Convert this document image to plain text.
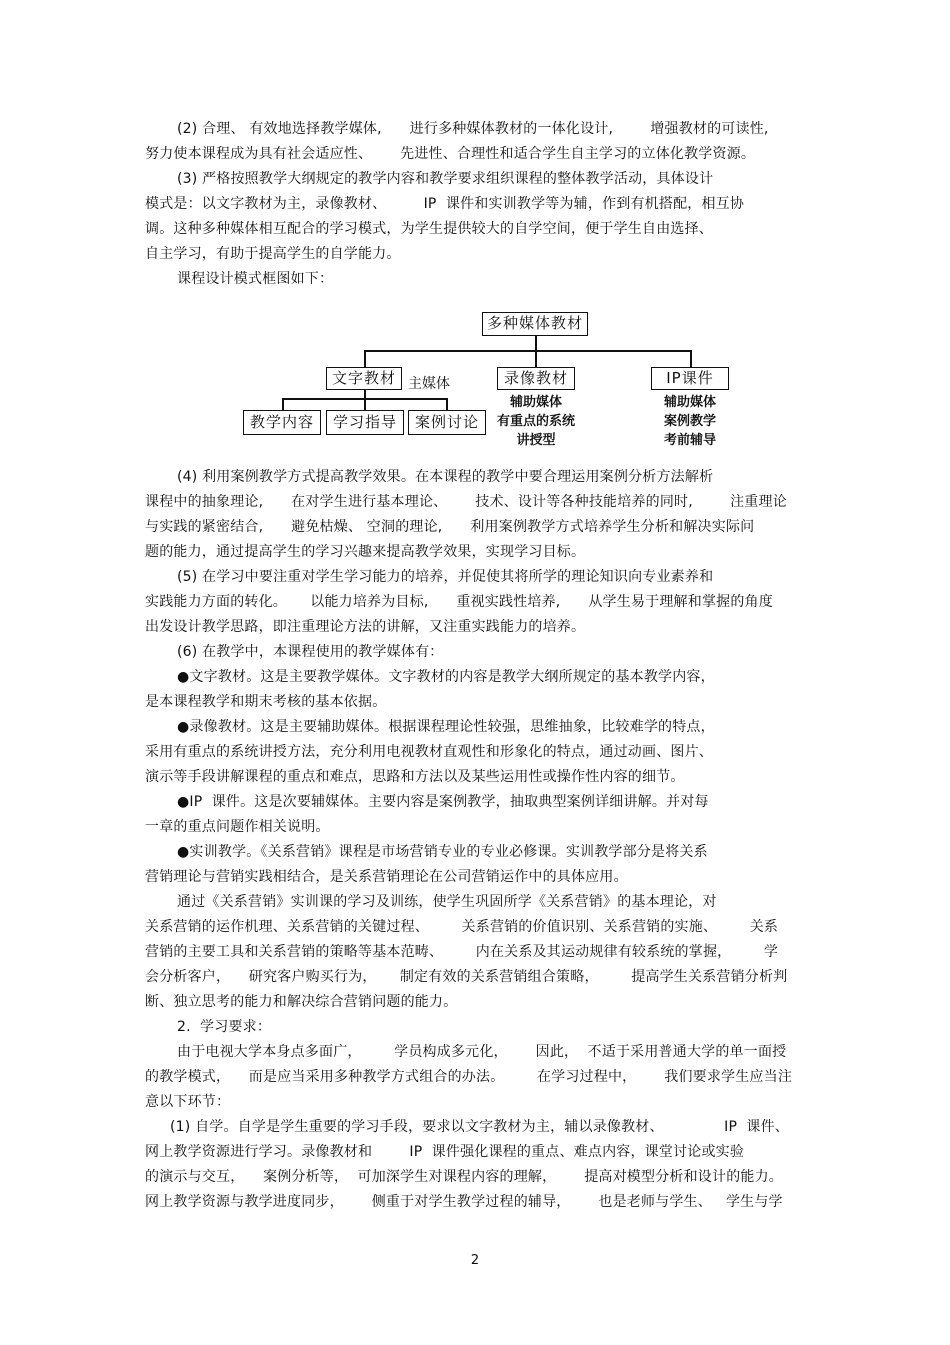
(2) 合理、 有效地选择教学媒体,      进行多种媒体教材的一体化设计,        增强教材的可读性,
努力使本课程成为具有社会适应性、      先进性、合理性和适合学生自主学习的立体化教学资源。
(3) 严格按照教学大纲规定的教学内容和教学要求组织课程的整体教学活动，具体设计
模式是：以文字教材为主，录像教材、        IP  课件和实训教学等为辅，作到有机搭配，相互协
调。这种多种媒体相互配合的学习模式，为学生提供较大的自学空间，便于学生自由选择、
自主学习，有助于提高学生的自学能力。
课程设计模式框图如下：
多种媒体教材
文字教材 主媒体	录像教材
辅助媒体
有重点的系统
讲授型
IP课件
辅助媒体
案例教学
考前辅导
教学内容	学习指导	案例讨论
(4) 利用案例教学方式提高教学效果。在本课程的教学中要合理运用案例分析方法解析
课程中的抽象理论,      在对学生进行基本理论、      技术、设计等各种技能培养的同时,        注重理论
与实践的紧密结合,      避免枯燥、 空洞的理论,      利用案例教学方式培养学生分析和解决实际问
题的能力，通过提高学生的学习兴趣来提高教学效果，实现学习目标。
(5) 在学习中要注重对学生学习能力的培养，并促使其将所学的理论知识向专业素养和
实践能力方面的转化。     以能力培养为目标,      重视实践性培养,      从学生易于理解和掌握的角度
出发设计教学思路，即注重理论方法的讲解，又注重实践能力的培养。
(6) 在教学中，本课程使用的教学媒体有：
●文字教材。这是主要教学媒体。文字教材的内容是教学大纲所规定的基本教学内容，
是本课程教学和期末考核的基本依据。
●录像教材。这是主要辅助媒体。根据课程理论性较强，思维抽象，比较难学的特点，
采用有重点的系统讲授方法，充分利用电视教材直观性和形象化的特点，通过动画、图片、
演示等手段讲解课程的重点和难点，思路和方法以及某些运用性或操作性内容的细节。
●IP  课件。这是次要辅媒体。主要内容是案例教学，抽取典型案例详细讲解。并对每
一章的重点问题作相关说明。
●实训教学。《关系营销》课程是市场营销专业的专业必修课。实训教学部分是将关系
营销理论与营销实践相结合，是关系营销理论在公司营销运作中的具体应用。
通过《关系营销》实训课的学习及训练，使学生巩固所学《关系营销》的基本理论，对
关系营销的运作机理、关系营销的关键过程、       关系营销的价值识别、关系营销的实施、       关系
营销的主要工具和关系营销的策略等基本范畴、       内在关系及其运动规律有较系统的掌握，       学
会分析客户，    研究客户购买行为，     制定有效的关系营销组合策略，       提高学生关系营销分析判
断、独立思考的能力和解决综合营销问题的能力。
2.  学习要求：
由于电视大学本身点多面广，       学员构成多元化，      因此，  不适于采用普通大学的单一面授
的教学模式，    而是应当采用多种教学方式组合的办法。       在学习过程中，      我们要求学生应当注
意以下环节：
(1) 自学。自学是学生重要的学习手段，要求以文字教材为主，辅以录像教材、             IP  课件、
网上教学资源进行学习。录像教材和        IP  课件强化课程的重点、难点内容，课堂讨论或实验
的演示与交互，    案例分析等，  可加深学生对课程内容的理解，      提高对模型分析和设计的能力。
网上教学资源与教学进度同步，      侧重于对学生教学过程的辅导，      也是老师与学生、   学生与学
2
